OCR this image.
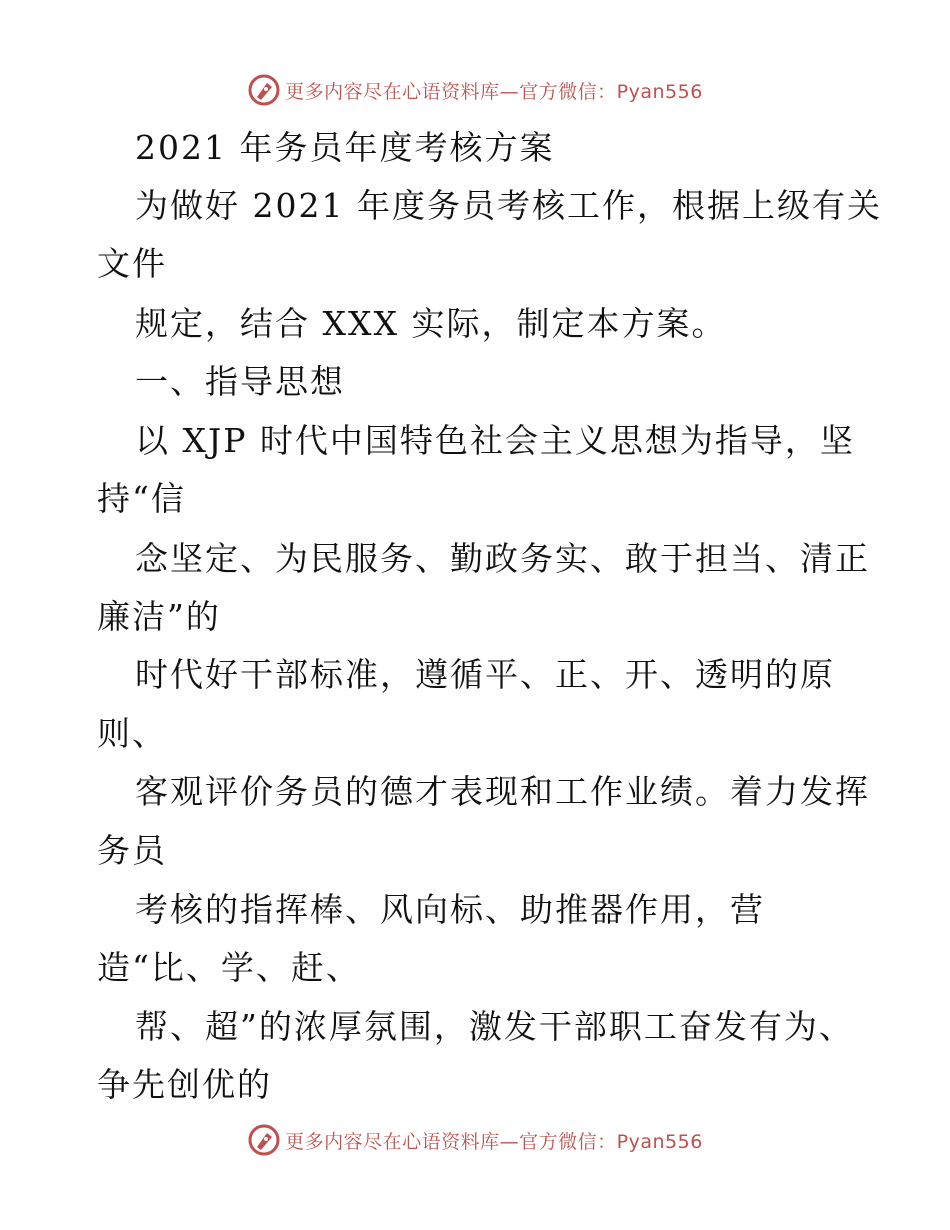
更多内容尽在心语资料库—官方微信：Pyan556
2021 年务员年度考核方案
为做好 2021 年度务员考核工作，根据上级有关
文件
规定，结合 XXX 实际，制定本方案。
一、指导思想
以 XJP 时代中国特色社会主义思想为指导，坚
持“信
念坚定、为民服务、勤政务实、敢于担当、清正
廉洁”的
时代好干部标准，遵循平、正、开、透明的原
则、
客观评价务员的德才表现和工作业绩。着力发挥
务员
考核的指挥棒、风向标、助推器作用，营
造“比、学、赶、
帮、超”的浓厚氛围，激发干部职工奋发有为、
争先创优的
更多内容尽在心语资料库—官方微信：Pyan556
